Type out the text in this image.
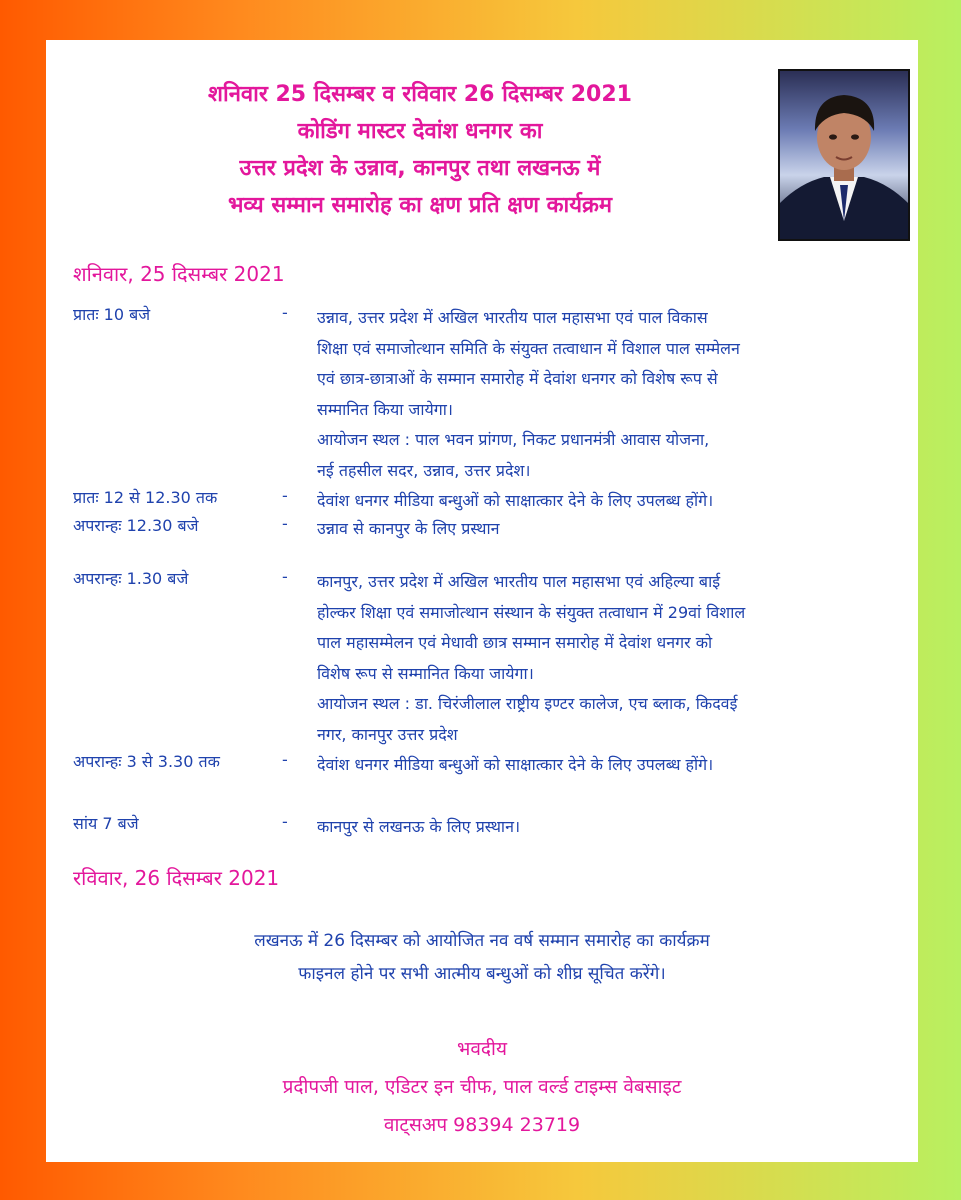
शनिवार 25 दिसम्बर व रविवार 26 दिसम्बर 2021
कोडिंग मास्टर देवांश धनगर का
उत्तर प्रदेश के उन्नाव, कानपुर तथा लखनऊ में
भव्य सम्मान समारोह का क्षण प्रति क्षण कार्यक्रम
शनिवार, 25 दिसम्बर 2021
प्रातः 10 बजे	- उन्नाव, उत्तर प्रदेश में अखिल भारतीय पाल महासभा एवं पाल विकास
शिक्षा एवं समाजोत्थान समिति के संयुक्त तत्वाधान में विशाल पाल सम्मेलन
एवं छात्र-छात्राओं के सम्मान समारोह में देवांश धनगर को विशेष रूप से
सम्मानित किया जायेगा।
आयोजन स्थल : पाल भवन प्रांगण, निकट प्रधानमंत्री आवास योजना,
नई तहसील सदर, उन्नाव, उत्तर प्रदेश।
प्रातः 12 से 12.30 तक	- देवांश धनगर मीडिया बन्धुओं को साक्षात्कार देने के लिए उपलब्ध होंगे।
अपरान्हः 12.30 बजे	- उन्नाव से कानपुर के लिए प्रस्थान
अपरान्हः 1.30 बजे	- कानपुर, उत्तर प्रदेश में अखिल भारतीय पाल महासभा एवं अहिल्या बाई
होल्कर शिक्षा एवं समाजोत्थान संस्थान के संयुक्त तत्वाधान में 29वां विशाल
पाल महासम्मेलन एवं मेधावी छात्र सम्मान समारोह में देवांश धनगर को
विशेष रूप से सम्मानित किया जायेगा।
आयोजन स्थल : डा. चिरंजीलाल राष्ट्रीय इण्टर कालेज, एच ब्लाक, किदवई
नगर, कानपुर उत्तर प्रदेश
अपरान्हः 3 से 3.30 तक	- देवांश धनगर मीडिया बन्धुओं को साक्षात्कार देने के लिए उपलब्ध होंगे।
सांय 7 बजे	- कानपुर से लखनऊ के लिए प्रस्थान।
रविवार, 26 दिसम्बर 2021
लखनऊ में 26 दिसम्बर को आयोजित नव वर्ष सम्मान समारोह का कार्यक्रम
फाइनल होने पर सभी आत्मीय बन्धुओं को शीघ्र सूचित करेंगे।
भवदीय
प्रदीपजी पाल, एडिटर इन चीफ, पाल वर्ल्ड टाइम्स वेबसाइट
वाट्सअप 98394 23719
